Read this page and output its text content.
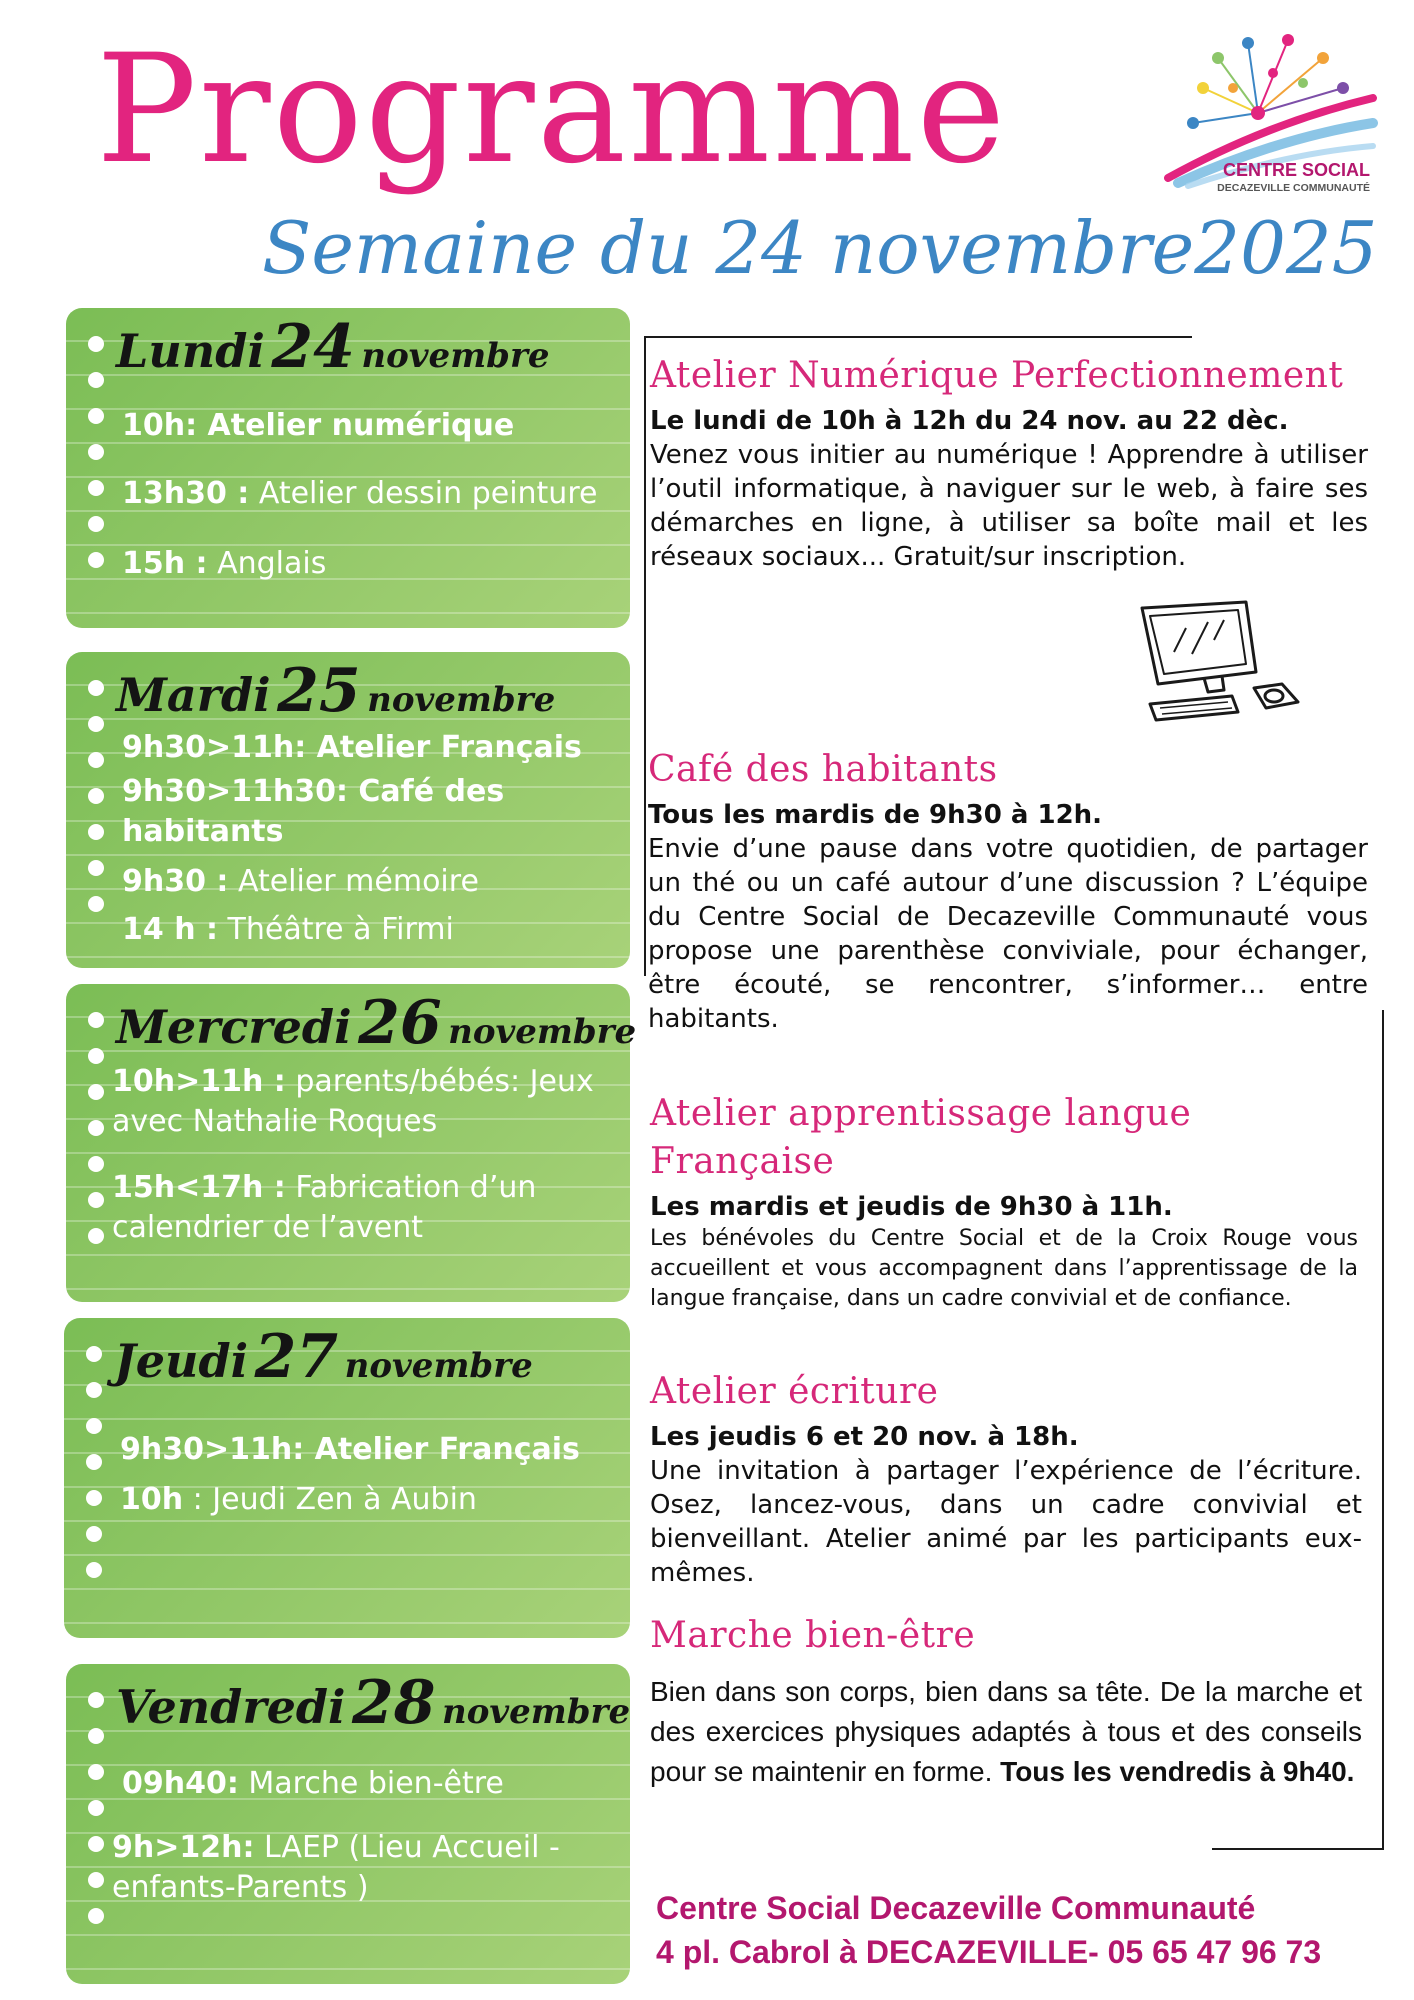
Programme
Semaine du 24 novembre2025
CENTRE SOCIAL
DECAZEVILLE COMMUNAUTÉ
Lundi 24 novembre

10h: Atelier numérique

13h30 : Atelier dessin peinture

15h : Anglais

Mardi 25 novembre

9h30>11h: Atelier Français

9h30>11h30: Café des habitants

9h30 : Atelier mémoire

14 h : Théâtre à Firmi

Mercredi 26 novembre

10h>11h : parents/bébés: Jeux avec Nathalie Roques

15h<17h : Fabrication d’un calendrier de l’avent

Jeudi 27 novembre

9h30>11h: Atelier Français

10h : Jeudi Zen à Aubin

Vendredi 28 novembre

09h40: Marche bien-être

9h>12h: LAEP (Lieu Accueil - enfants-Parents )

Atelier Numérique Perfectionnement

Le lundi de 10h à 12h du 24 nov. au 22 dèc.

Venez vous initier au numérique ! Apprendre à utiliser l’outil informatique, à naviguer sur le web, à faire ses démarches en ligne, à utiliser sa boîte mail et les réseaux sociaux... Gratuit/sur inscription.

Café des habitants

Tous les mardis de 9h30 à 12h.

Envie d’une pause dans votre quotidien, de partager un thé ou un café autour d’une discussion ? L’équipe du Centre Social de Decazeville Communauté vous propose une parenthèse conviviale, pour échanger, être écouté, se rencontrer, s’informer… entre habitants.

Atelier apprentissage langue Française

Les mardis et jeudis de 9h30 à 11h.

Les bénévoles du Centre Social et de la Croix Rouge vous accueillent et vous accompagnent dans l’apprentissage de la langue française, dans un cadre convivial et de confiance.

Atelier écriture

Les jeudis 6 et 20 nov. à 18h.

Une invitation à partager l’expérience de l’écriture. Osez, lancez-vous, dans un cadre convivial et bienveillant. Atelier animé par les participants eux-mêmes.

Marche bien-être

Bien dans son corps, bien dans sa tête. De la marche et des exercices physiques adaptés à tous et des conseils pour se maintenir en forme. Tous les vendredis à 9h40.

Centre Social Decazeville Communauté

4 pl. Cabrol à DECAZEVILLE- 05 65 47 96 73
